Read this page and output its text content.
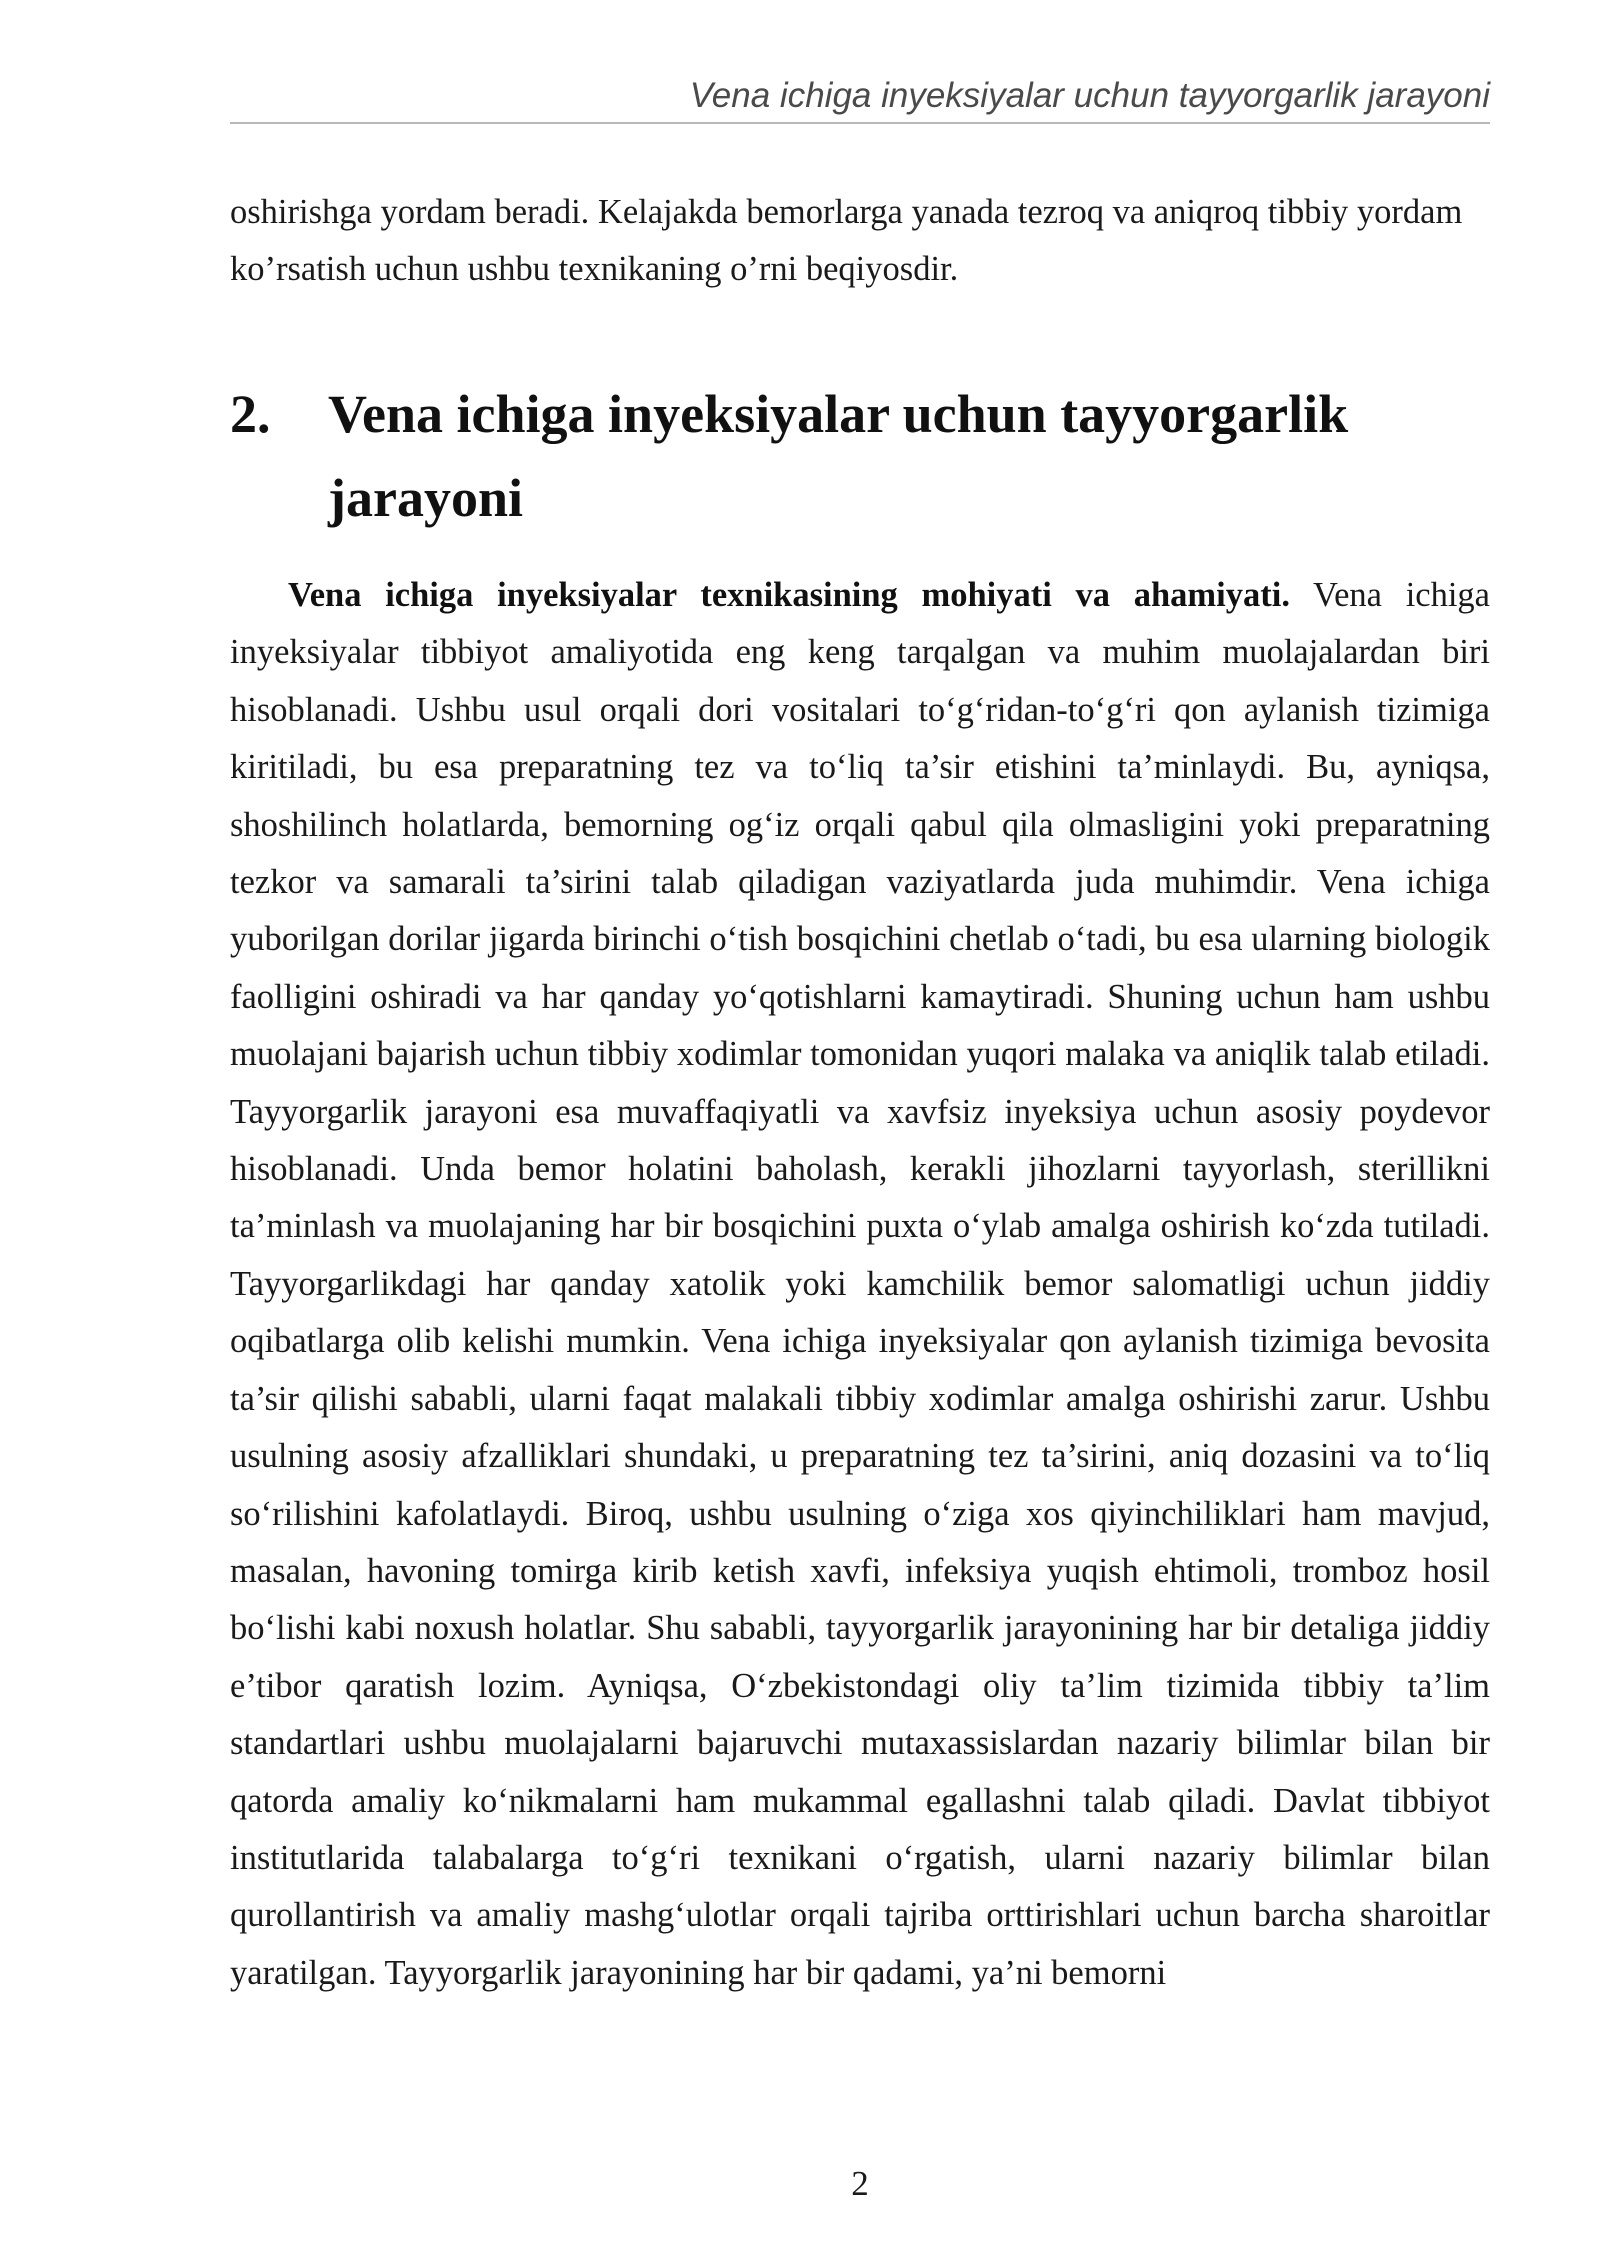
Vena ichiga inyeksiyalar uchun tayyorgarlik jarayoni

oshirishga yordam beradi. Kelajakda bemorlarga yanada tezroq va aniqroq tibbiy yordam ko’rsatish uchun ushbu texnikaning o’rni beqiyosdir.

2. Vena ichiga inyeksiyalar uchun tayyorgarlik jarayoni

Vena ichiga inyeksiyalar texnikasining mohiyati va ahamiyati. Vena ichiga inyeksiyalar tibbiyot amaliyotida eng keng tarqalgan va muhim muolajalardan biri hisoblanadi. Ushbu usul orqali dori vositalari to‘g‘ridan-to‘g‘ri qon aylanish tizimiga kiritiladi, bu esa preparatning tez va to‘liq ta’sir etishini ta’minlaydi. Bu, ayniqsa, shoshilinch holatlarda, bemorning og‘iz orqali qabul qila olmasligini yoki preparatning tezkor va samarali ta’sirini talab qiladigan vaziyatlarda juda muhimdir. Vena ichiga yuborilgan dorilar jigarda birinchi o‘tish bosqichini chetlab o‘tadi, bu esa ularning biologik faolligini oshiradi va har qanday yo‘qotishlarni kamaytiradi. Shuning uchun ham ushbu muolajani bajarish uchun tibbiy xodimlar tomonidan yuqori malaka va aniqlik talab etiladi. Tayyorgarlik jarayoni esa muvaffaqiyatli va xavfsiz inyeksiya uchun asosiy poydevor hisoblanadi. Unda bemor holatini baholash, kerakli jihozlarni tayyorlash, sterillikni ta’minlash va muolajaning har bir bosqichini puxta o‘ylab amalga oshirish ko‘zda tutiladi. Tayyorgarlikdagi har qanday xatolik yoki kamchilik bemor salomatligi uchun jiddiy oqibatlarga olib kelishi mumkin. Vena ichiga inyeksiyalar qon aylanish tizimiga bevosita ta’sir qilishi sababli, ularni faqat malakali tibbiy xodimlar amalga oshirishi zarur. Ushbu usulning asosiy afzalliklari shundaki, u preparatning tez ta’sirini, aniq dozasini va to‘liq so‘rilishini kafolatlaydi. Biroq, ushbu usulning o‘ziga xos qiyinchiliklari ham mavjud, masalan, havoning tomirga kirib ketish xavfi, infeksiya yuqish ehtimoli, tromboz hosil bo‘lishi kabi noxush holatlar. Shu sababli, tayyorgarlik jarayonining har bir detaliga jiddiy e’tibor qaratish lozim. Ayniqsa, O‘zbekistondagi oliy ta’lim tizimida tibbiy ta’lim standartlari ushbu muolajalarni bajaruvchi mutaxassislardan nazariy bilimlar bilan bir qatorda amaliy ko‘nikmalarni ham mukammal egallashni talab qiladi. Davlat tibbiyot institutlarida talabalarga to‘g‘ri texnikani o‘rgatish, ularni nazariy bilimlar bilan qurollantirish va amaliy mashg‘ulotlar orqali tajriba orttirishlari uchun barcha sharoitlar yaratilgan. Tayyorgarlik jarayonining har bir qadami, ya’ni bemorni

2
